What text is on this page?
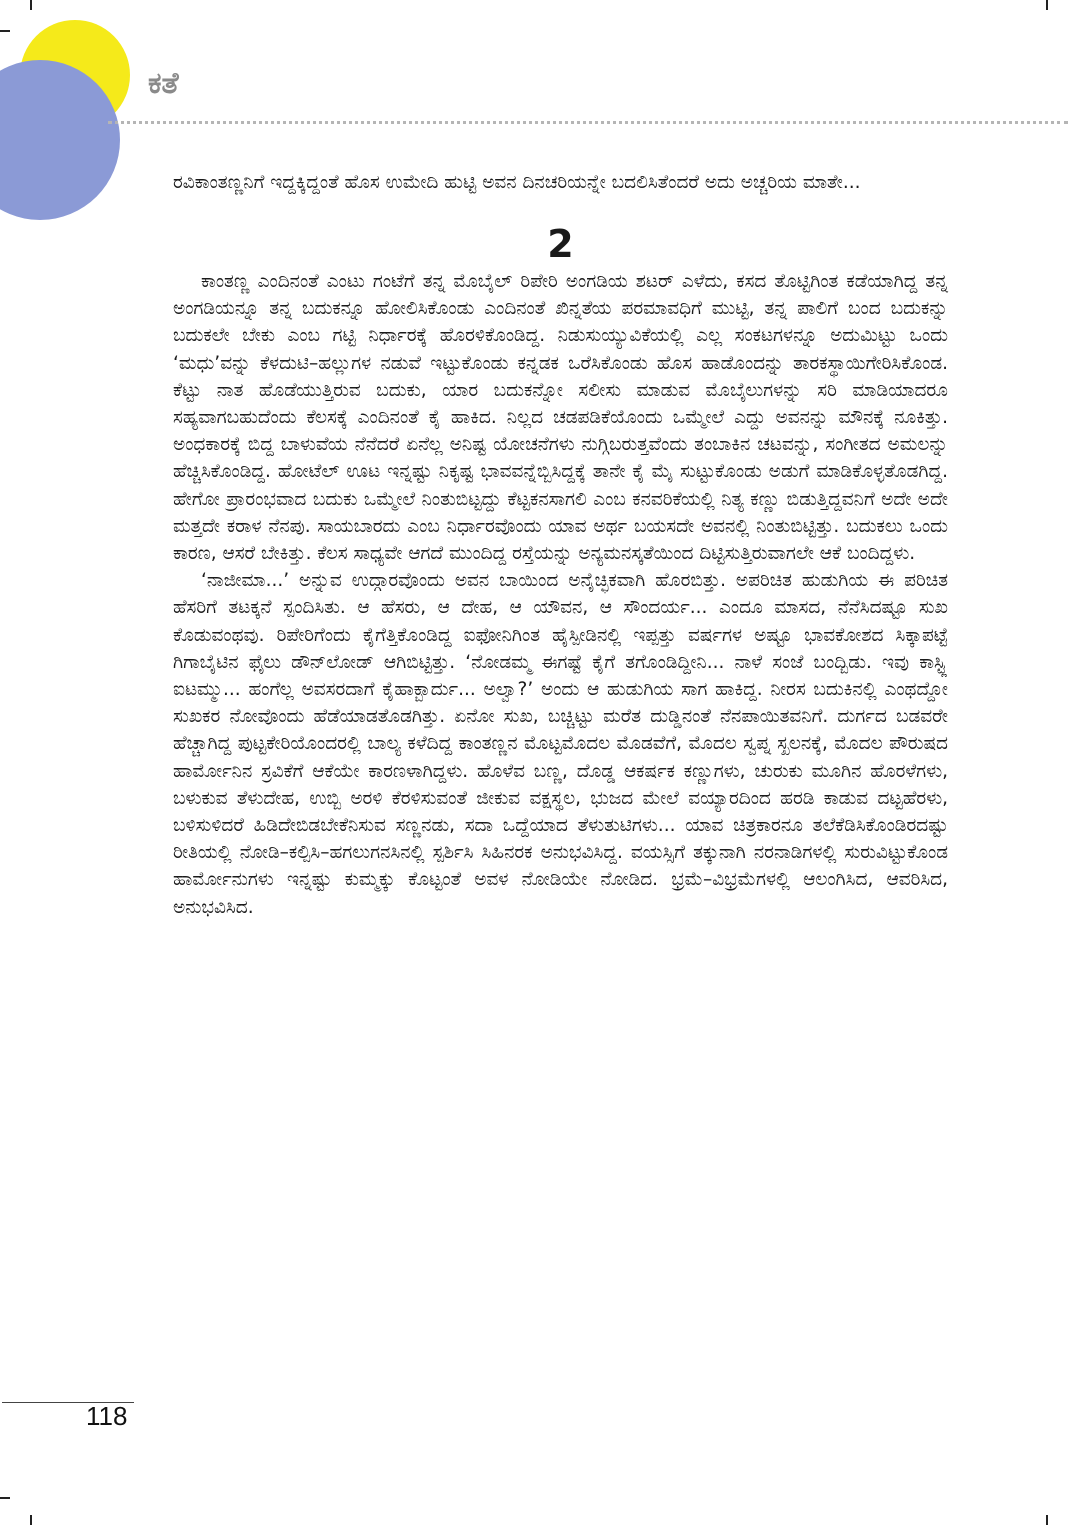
ಕತೆ

ರವಿಕಾಂತಣ್ಣನಿಗೆ ಇದ್ದಕ್ಕಿದ್ದಂತೆ ಹೊಸ ಉಮೇದಿ ಹುಟ್ಟಿ ಅವನ ದಿನಚರಿಯನ್ನೇ ಬದಲಿಸಿತೆಂದರೆ ಅದು ಅಚ್ಚರಿಯ ಮಾತೇ...

2

ಕಾಂತಣ್ಣ ಎಂದಿನಂತೆ ಎಂಟು ಗಂಟೆಗೆ ತನ್ನ ಮೊಬೈಲ್ ರಿಪೇರಿ ಅಂಗಡಿಯ ಶಟರ್ ಎಳೆದು, ಕಸದ ತೊಟ್ಟಿಗಿಂತ ಕಡೆಯಾಗಿದ್ದ ತನ್ನ ಅಂಗಡಿಯನ್ನೂ ತನ್ನ ಬದುಕನ್ನೂ ಹೋಲಿಸಿಕೊಂಡು ಎಂದಿನಂತೆ ಖಿನ್ನತೆಯ ಪರಮಾವಧಿಗೆ ಮುಟ್ಟಿ, ತನ್ನ ಪಾಲಿಗೆ ಬಂದ ಬದುಕನ್ನು ಬದುಕಲೇ ಬೇಕು ಎಂಬ ಗಟ್ಟಿ ನಿರ್ಧಾರಕ್ಕೆ ಹೊರಳಿಕೊಂಡಿದ್ದ. ನಿಡುಸುಯ್ಯುವಿಕೆಯಲ್ಲಿ ಎಲ್ಲ ಸಂಕಟಗಳನ್ನೂ ಅದುಮಿಟ್ಟು ಒಂದು ‘ಮಧು’ವನ್ನು ಕೆಳದುಟಿ–ಹಲ್ಲುಗಳ ನಡುವೆ ಇಟ್ಟುಕೊಂಡು ಕನ್ನಡಕ ಒರೆಸಿಕೊಂಡು ಹೊಸ ಹಾಡೊಂದನ್ನು ತಾರಕಸ್ಥಾಯಿಗೇರಿಸಿಕೊಂಡ. ಕೆಟ್ಟು ನಾತ ಹೊಡೆಯುತ್ತಿರುವ ಬದುಕು, ಯಾರ ಬದುಕನ್ನೋ ಸಲೀಸು ಮಾಡುವ ಮೊಬೈಲುಗಳನ್ನು ಸರಿ ಮಾಡಿಯಾದರೂ ಸಹ್ಯವಾಗಬಹುದೆಂದು ಕೆಲಸಕ್ಕೆ ಎಂದಿನಂತೆ ಕೈ ಹಾಕಿದ. ನಿಲ್ಲದ ಚಡಪಡಿಕೆಯೊಂದು ಒಮ್ಮೇಲೆ ಎದ್ದು ಅವನನ್ನು ಮೌನಕ್ಕೆ ನೂಕಿತ್ತು. ಅಂಧಕಾರಕ್ಕೆ ಬಿದ್ದ ಬಾಳುವೆಯ ನೆನೆದರೆ ಏನೆಲ್ಲ ಅನಿಷ್ಟ ಯೋಚನೆಗಳು ನುಗ್ಗಿಬರುತ್ತವೆಂದು ತಂಬಾಕಿನ ಚಟವನ್ನು, ಸಂಗೀತದ ಅಮಲನ್ನು ಹೆಚ್ಚಿಸಿಕೊಂಡಿದ್ದ. ಹೋಟೆಲ್ ಊಟ ಇನ್ನಷ್ಟು ನಿಕೃಷ್ಟ ಭಾವವನ್ನೆಬ್ಬಿಸಿದ್ದಕ್ಕೆ ತಾನೇ ಕೈ ಮೈ ಸುಟ್ಟುಕೊಂಡು ಅಡುಗೆ ಮಾಡಿಕೊಳ್ಳತೊಡಗಿದ್ದ. ಹೇಗೋ ಪ್ರಾರಂಭವಾದ ಬದುಕು ಒಮ್ಮೇಲೆ ನಿಂತುಬಿಟ್ಟದ್ದು ಕೆಟ್ಟಕನಸಾಗಲಿ ಎಂಬ ಕನವರಿಕೆಯಲ್ಲಿ ನಿತ್ಯ ಕಣ್ಣು ಬಿಡುತ್ತಿದ್ದವನಿಗೆ ಅದೇ ಅದೇ ಮತ್ತದೇ ಕರಾಳ ನೆನಪು. ಸಾಯಬಾರದು ಎಂಬ ನಿರ್ಧಾರವೊಂದು ಯಾವ ಅರ್ಥ ಬಯಸದೇ ಅವನಲ್ಲಿ ನಿಂತುಬಿಟ್ಟಿತ್ತು. ಬದುಕಲು ಒಂದು ಕಾರಣ, ಆಸರೆ ಬೇಕಿತ್ತು. ಕೆಲಸ ಸಾಧ್ಯವೇ ಆಗದೆ ಮುಂದಿದ್ದ ರಸ್ತೆಯನ್ನು ಅನ್ಯಮನಸ್ಕತೆಯಿಂದ ದಿಟ್ಟಿಸುತ್ತಿರುವಾಗಲೇ ಆಕೆ ಬಂದಿದ್ದಳು.

‘ನಾಜೀಮಾ...’ ಅನ್ನುವ ಉದ್ಗಾರವೊಂದು ಅವನ ಬಾಯಿಂದ ಅನೈಚ್ಛಿಕವಾಗಿ ಹೊರಬಿತ್ತು. ಅಪರಿಚಿತ ಹುಡುಗಿಯ ಈ ಪರಿಚಿತ ಹೆಸರಿಗೆ ತಟಕ್ಕನೆ ಸ್ಪಂದಿಸಿತು. ಆ ಹೆಸರು, ಆ ದೇಹ, ಆ ಯೌವನ, ಆ ಸೌಂದರ್ಯ... ಎಂದೂ ಮಾಸದ, ನೆನೆಸಿದಷ್ಟೂ ಸುಖ ಕೊಡುವಂಥವು. ರಿಪೇರಿಗೆಂದು ಕೈಗೆತ್ತಿಕೊಂಡಿದ್ದ ಐಫೋನಿಗಿಂತ ಹೈಸ್ಪೀಡಿನಲ್ಲಿ ಇಪ್ಪತ್ತು ವರ್ಷಗಳ ಅಷ್ಟೂ ಭಾವಕೋಶದ ಸಿಕ್ಕಾಪಟ್ಟೆ ಗಿಗಾಬೈಟಿನ ಫೈಲು ಡೌನ್‌ಲೋಡ್ ಆಗಿಬಿಟ್ಟಿತ್ತು. ‘ನೋಡಮ್ಮ ಈಗಷ್ಟೆ ಕೈಗೆ ತಗೊಂಡಿದ್ದೀನಿ... ನಾಳೆ ಸಂಜೆ ಬಂದ್ಬಿಡು. ಇವು ಕಾಸ್ಟ್ಲಿ ಐಟಮ್ಮು... ಹಂಗೆಲ್ಲ ಅವಸರದಾಗೆ ಕೈಹಾಕ್ಬಾರ್ದು... ಅಲ್ವಾ?’ ಅಂದು ಆ ಹುಡುಗಿಯ ಸಾಗ ಹಾಕಿದ್ದ. ನೀರಸ ಬದುಕಿನಲ್ಲಿ ಎಂಥದ್ದೋ ಸುಖಕರ ನೋವೊಂದು ಹೆಡೆಯಾಡತೊಡಗಿತ್ತು. ಏನೋ ಸುಖ, ಬಚ್ಚಿಟ್ಟು ಮರೆತ ದುಡ್ಡಿನಂತೆ ನೆನಪಾಯಿತವನಿಗೆ. ದುರ್ಗದ ಬಡವರೇ ಹೆಚ್ಚಾಗಿದ್ದ ಪುಟ್ಟಕೇರಿಯೊಂದರಲ್ಲಿ ಬಾಲ್ಯ ಕಳೆದಿದ್ದ ಕಾಂತಣ್ಣನ ಮೊಟ್ಟಮೊದಲ ಮೊಡವೆಗೆ, ಮೊದಲ ಸ್ವಪ್ನ ಸ್ಖಲನಕ್ಕೆ, ಮೊದಲ ಪೌರುಷದ ಹಾರ್ಮೋನಿನ ಸ್ರವಿಕೆಗೆ ಆಕೆಯೇ ಕಾರಣಳಾಗಿದ್ದಳು. ಹೊಳೆವ ಬಣ್ಣ, ದೊಡ್ಡ ಆಕರ್ಷಕ ಕಣ್ಣುಗಳು, ಚುರುಕು ಮೂಗಿನ ಹೊರಳೆಗಳು, ಬಳುಕುವ ತೆಳುದೇಹ, ಉಬ್ಬಿ ಅರಳಿ ಕೆರಳಿಸುವಂತೆ ಜೀಕುವ ವಕ್ಷಸ್ಥಲ, ಭುಜದ ಮೇಲೆ ವಯ್ಯಾರದಿಂದ ಹರಡಿ ಕಾಡುವ ದಟ್ಟಹೆರಳು, ಬಳಿಸುಳಿದರೆ ಹಿಡಿದೇಬಿಡಬೇಕೆನಿಸುವ ಸಣ್ಣನಡು, ಸದಾ ಒದ್ದೆಯಾದ ತೆಳುತುಟಿಗಳು... ಯಾವ ಚಿತ್ರಕಾರನೂ ತಲೆಕೆಡಿಸಿಕೊಂಡಿರದಷ್ಟು ರೀತಿಯಲ್ಲಿ ನೋಡಿ–ಕಲ್ಪಿಸಿ–ಹಗಲುಗನಸಿನಲ್ಲಿ ಸ್ಪರ್ಶಿಸಿ ಸಿಹಿನರಕ ಅನುಭವಿಸಿದ್ದ. ವಯಸ್ಸಿಗೆ ತಕ್ಕುನಾಗಿ ನರನಾಡಿಗಳಲ್ಲಿ ಸುರುವಿಟ್ಟುಕೊಂಡ ಹಾರ್ಮೋನುಗಳು ಇನ್ನಷ್ಟು ಕುಮ್ಮಕ್ಕು ಕೊಟ್ಟಂತೆ ಅವಳ ನೋಡಿಯೇ ನೋಡಿದ. ಭ್ರಮೆ–ವಿಭ್ರಮೆಗಳಲ್ಲಿ ಆಲಂಗಿಸಿದ, ಆವರಿಸಿದ, ಅನುಭವಿಸಿದ.

118
